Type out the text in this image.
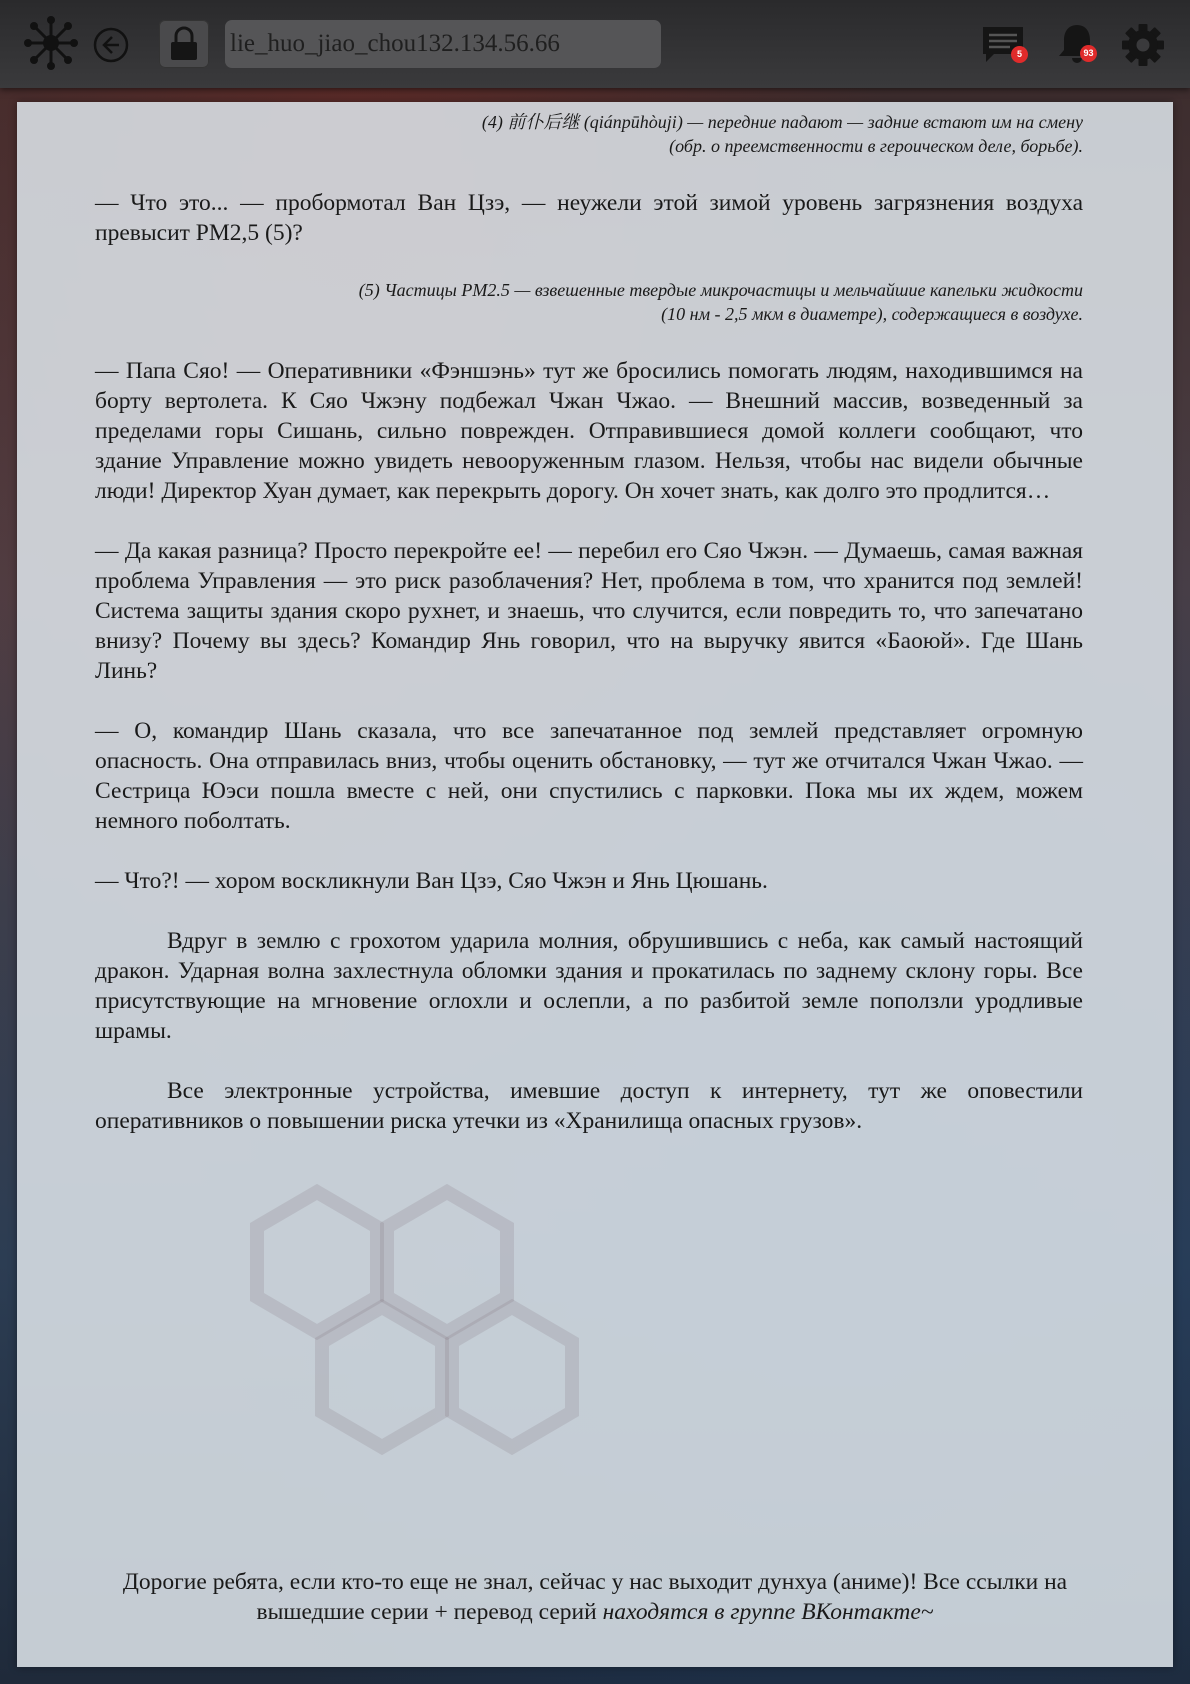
lie_huo_jiao_chou132.134.56.66	5	93

(4) 前仆后继 (qiánpūhòuji) — передние падают — задние встают им на смену
(обр. о преемственности в героическом деле, борьбе).

— Что это... — пробормотал Ван Цзэ, — неужели этой зимой уровень загрязнения воздуха превысит PM2,5 (5)?

(5) Частицы PM2.5 — взвешенные твердые микрочастицы и мельчайшие капельки жидкости
(10 нм - 2,5 мкм в диаметре), содержащиеся в воздухе.

— Папа Сяо! — Оперативники «Фэншэнь» тут же бросились помогать людям, находившимся на борту вертолета. К Сяо Чжэну подбежал Чжан Чжао. — Внешний массив, возведенный за пределами горы Сишань, сильно поврежден. Отправившиеся домой коллеги сообщают, что здание Управление можно увидеть невооруженным глазом. Нельзя, чтобы нас видели обычные люди! Директор Хуан думает, как перекрыть дорогу. Он хочет знать, как долго это продлится…

— Да какая разница? Просто перекройте ее! — перебил его Сяо Чжэн. — Думаешь, самая важная проблема Управления — это риск разоблачения? Нет, проблема в том, что хранится под землей! Система защиты здания скоро рухнет, и знаешь, что случится, если повредить то, что запечатано внизу? Почему вы здесь? Командир Янь говорил, что на выручку явится «Баоюй». Где Шань Линь?

— О, командир Шань сказала, что все запечатанное под землей представляет огромную опасность. Она отправилась вниз, чтобы оценить обстановку, — тут же отчитался Чжан Чжао. — Сестрица Юэси пошла вместе с ней, они спустились с парковки. Пока мы их ждем, можем немного поболтать.

— Что?! — хором воскликнули Ван Цзэ, Сяо Чжэн и Янь Цюшань.

Вдруг в землю с грохотом ударила молния, обрушившись с неба, как самый настоящий дракон. Ударная волна захлестнула обломки здания и прокатилась по заднему склону горы. Все присутствующие на мгновение оглохли и ослепли, а по разбитой земле поползли уродливые шрамы.

Все электронные устройства, имевшие доступ к интернету, тут же оповестили оперативников о повышении риска утечки из «Хранилища опасных грузов».

Дорогие ребята, если кто-то еще не знал, сейчас у нас выходит дунхуа (аниме)! Все ссылки на вышедшие серии + перевод серий находятся в группе ВКонтакте~
